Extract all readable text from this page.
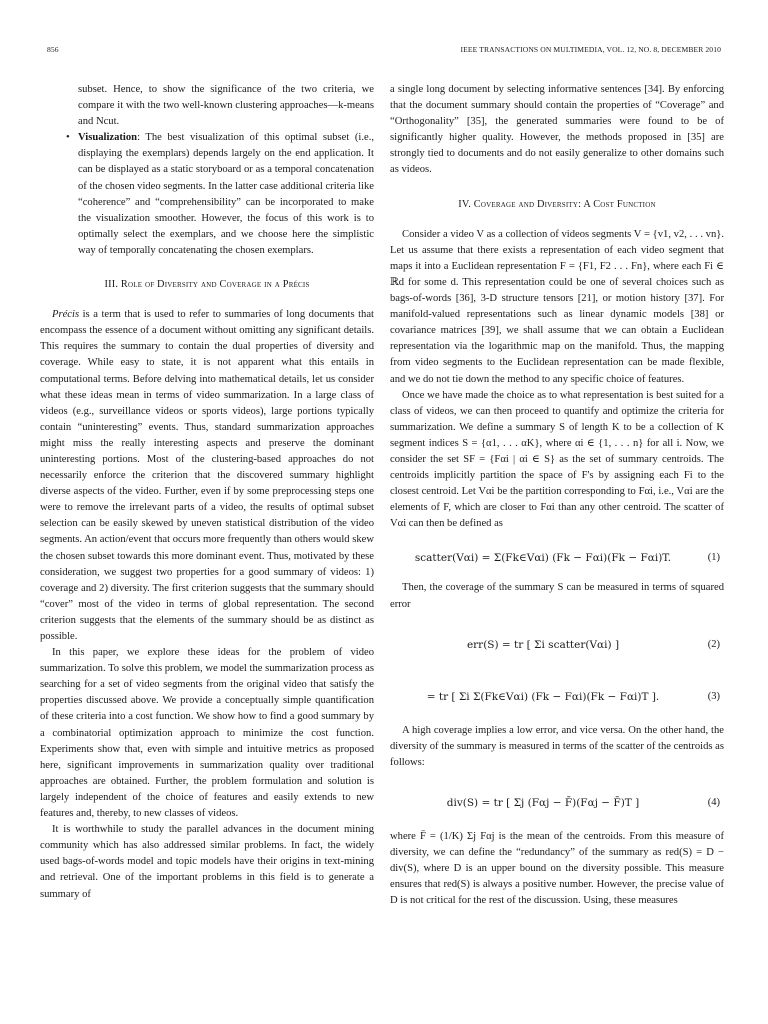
856	IEEE TRANSACTIONS ON MULTIMEDIA, VOL. 12, NO. 8, DECEMBER 2010

subset. Hence, to show the significance of the two criteria, we compare it with the two well-known clustering approaches—k-means and Ncut.

• Visualization: The best visualization of this optimal subset (i.e., displaying the exemplars) depends largely on the end application. It can be displayed as a static storyboard or as a temporal concatenation of the chosen video segments. In the latter case additional criteria like “coherence” and “comprehensibility” can be incorporated to make the visualization smoother. However, the focus of this work is to optimally select the exemplars, and we choose here the simplistic way of temporally concatenating the chosen exemplars.
III. Role of Diversity and Coverage in a Précis

Précis is a term that is used to refer to summaries of long documents that encompass the essence of a document without omitting any significant details. This requires the summary to contain the dual properties of diversity and coverage. While easy to state, it is not apparent what this entails in computational terms. Before delving into mathematical details, let us consider what these ideas mean in terms of video summarization. In a large class of videos (e.g., surveillance videos or sports videos), large portions typically contain “uninteresting” events. Thus, standard summarization approaches might miss the really interesting aspects and preserve the dominant uninteresting portions. Most of the clustering-based approaches do not necessarily enforce the criterion that the discovered summary highlight diverse aspects of the video. Further, even if by some preprocessing steps one were to remove the irrelevant parts of a video, the results of optimal subset selection can be easily skewed by uneven statistical distribution of the video segments. An action/event that occurs more frequently than others would skew the chosen subset towards this more dominant event. Thus, motivated by these consideration, we suggest two properties for a good summary of videos: 1) coverage and 2) diversity. The first criterion suggests that the summary should “cover” most of the video in terms of global representation. The second criterion suggests that the elements of the summary should be as distinct as possible.

In this paper, we explore these ideas for the problem of video summarization. To solve this problem, we model the summarization process as searching for a set of video segments from the original video that satisfy the properties discussed above. We provide a conceptually simple quantification of these criteria into a cost function. We show how to find a good summary by a combinatorial optimization approach to minimize the cost function. Experiments show that, even with simple and intuitive metrics as proposed here, significant improvements in summarization quality over traditional approaches are obtained. Further, the problem formulation and solution is largely independent of the choice of features and easily extends to new features and, thereby, to new classes of videos.

It is worthwhile to study the parallel advances in the document mining community which has also addressed similar problems. In fact, the widely used bags-of-words model and topic models have their origins in text-mining and retrieval. One of the important problems in this field is to generate a summary of

a single long document by selecting informative sentences [34]. By enforcing that the document summary should contain the properties of “Coverage” and “Orthogonality” [35], the generated summaries were found to be of significantly higher quality. However, the methods proposed in [35] are strongly tied to documents and do not easily generalize to other domains such as videos.

IV. Coverage and Diversity: A Cost Function

Consider a video V as a collection of videos segments V = {v1, v2, . . . vn}. Let us assume that there exists a representation of each video segment that maps it into a Euclidean representation F = {F1, F2 . . . Fn}, where each Fi ∈ ℝd for some d. This representation could be one of several choices such as bags-of-words [36], 3-D structure tensors [21], or motion history [37]. For manifold-valued representations such as linear dynamic models [38] or covariance matrices [39], we shall assume that we can obtain a Euclidean representation via the logarithmic map on the manifold. Thus, the mapping from video segments to the Euclidean representation can be made flexible, and we do not tie down the method to any specific choice of features.

Once we have made the choice as to what representation is best suited for a class of videos, we can then proceed to quantify and optimize the criteria for summarization. We define a summary S of length K to be a collection of K segment indices S = {α1, . . . αK}, where αi ∈ {1, . . . n} for all i. Now, we consider the set SF = {Fαi | αi ∈ S} as the set of summary centroids. The centroids implicitly partition the space of F's by assigning each Fi to the closest centroid. Let Vαi be the partition corresponding to Fαi, i.e., Vαi are the elements of F, which are closer to Fαi than any other centroid. The scatter of Vαi can then be defined as

scatter(Vαi) = Σ(Fk∈Vαi) (Fk − Fαi)(Fk − Fαi)T.	(1)

Then, the coverage of the summary S can be measured in terms of squared error

err(S) = tr [ Σi scatter(Vαi) ]	(2)
= tr [ Σi Σ(Fk∈Vαi) (Fk − Fαi)(Fk − Fαi)T ].	(3)

A high coverage implies a low error, and vice versa. On the other hand, the diversity of the summary is measured in terms of the scatter of the centroids as follows:

div(S) = tr [ Σj (Fαj − F̄)(Fαj − F̄)T ]	(4)

where F̄ = (1/K) Σj Fαj is the mean of the centroids. From this measure of diversity, we can define the “redundancy” of the summary as red(S) = D − div(S), where D is an upper bound on the diversity possible. This measure ensures that red(S) is always a positive number. However, the precise value of D is not critical for the rest of the discussion. Using, these measures
